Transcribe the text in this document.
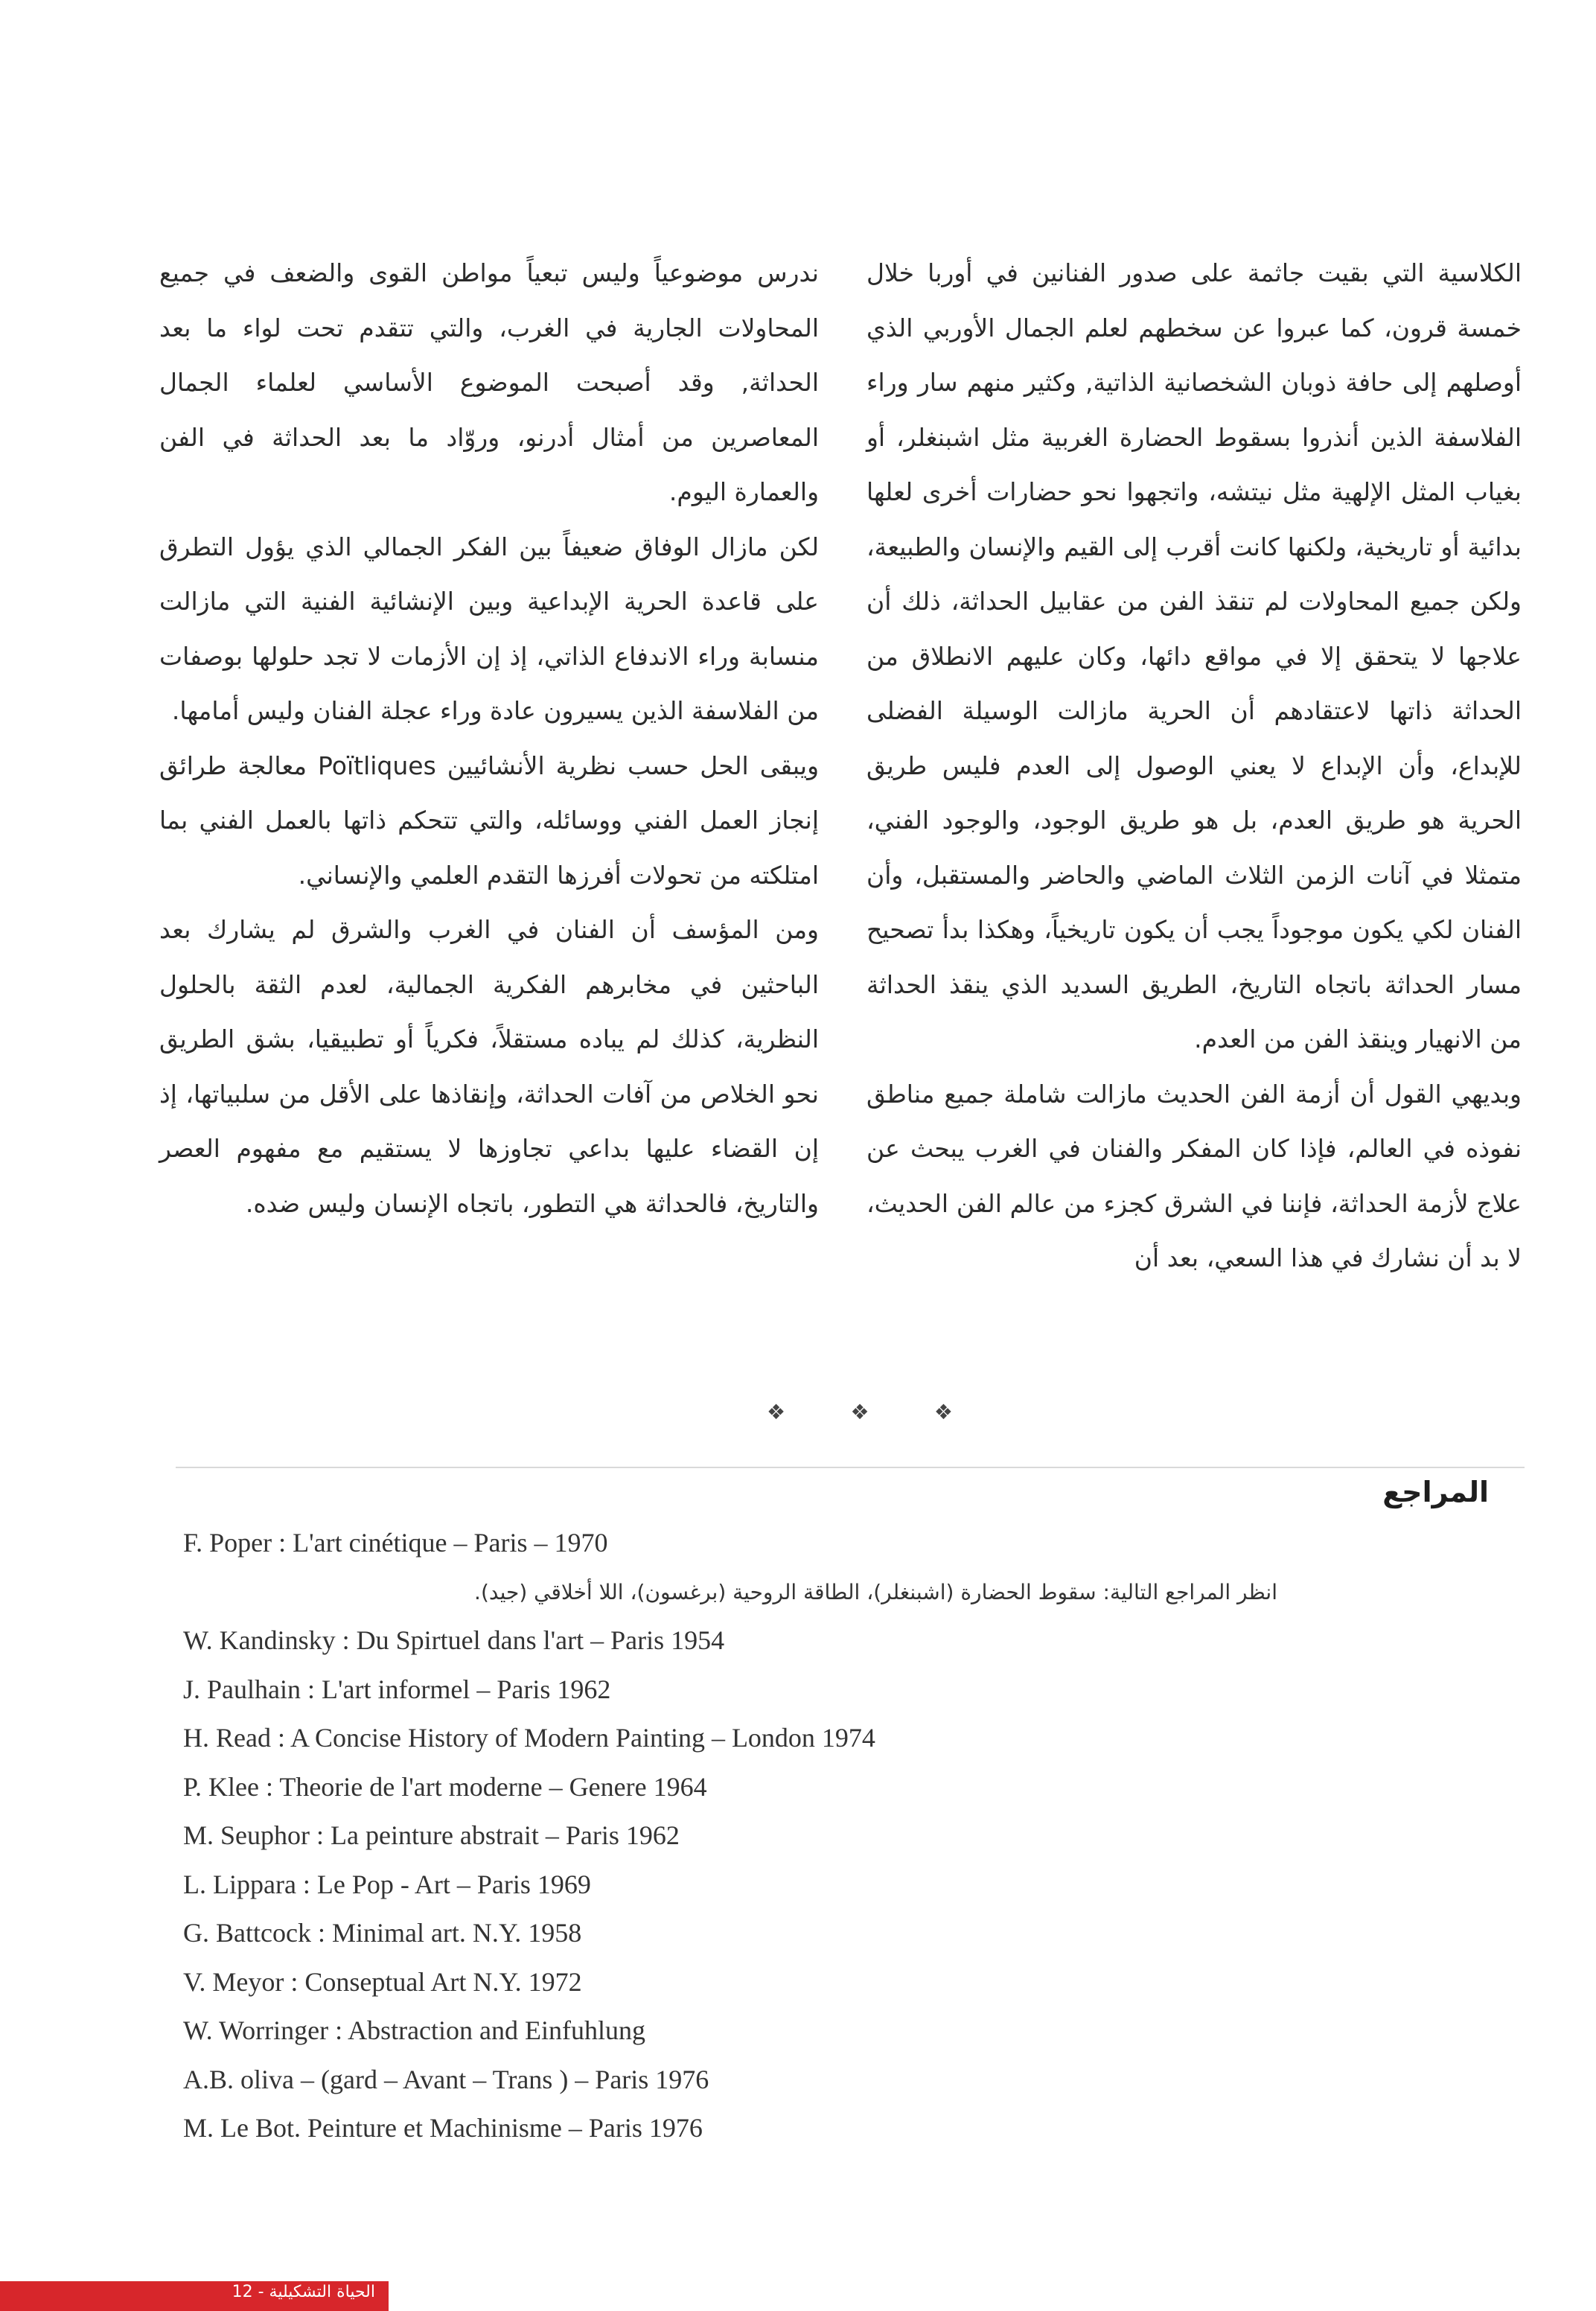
الكلاسية التي بقيت جاثمة على صدور الفنانين في أوربا خلال خمسة قرون، كما عبروا عن سخطهم لعلم الجمال الأوربي الذي أوصلهم إلى حافة ذوبان الشخصانية الذاتية, وكثير منهم سار وراء الفلاسفة الذين أنذروا بسقوط الحضارة الغربية مثل اشبنغلر، أو بغياب المثل الإلهية مثل نيتشه، واتجهوا نحو حضارات أخرى لعلها بدائية أو تاريخية، ولكنها كانت أقرب إلى القيم والإنسان والطبيعة، ولكن جميع المحاولات لم تنقذ الفن من عقابيل الحداثة، ذلك أن علاجها لا يتحقق إلا في مواقع دائها، وكان عليهم الانطلاق من الحداثة ذاتها لاعتقادهم أن الحرية مازالت الوسيلة الفضلى للإبداع، وأن الإبداع لا يعني الوصول إلى العدم فليس طريق الحرية هو طريق العدم، بل هو طريق الوجود، والوجود الفني، متمثلا في آنات الزمن الثلاث الماضي والحاضر والمستقبل، وأن الفنان لكي يكون موجوداً يجب أن يكون تاريخياً، وهكذا بدأ تصحيح مسار الحداثة باتجاه التاريخ، الطريق السديد الذي ينقذ الحداثة من الانهيار وينقذ الفن من العدم.

وبديهي القول أن أزمة الفن الحديث مازالت شاملة جميع مناطق نفوذه في العالم، فإذا كان المفكر والفنان في الغرب يبحث عن علاج لأزمة الحداثة، فإننا في الشرق كجزء من عالم الفن الحديث، لا بد أن نشارك في هذا السعي، بعد أن

ندرس موضوعياً وليس تبعياً مواطن القوى والضعف في جميع المحاولات الجارية في الغرب، والتي تتقدم تحت لواء ما بعد الحداثة, وقد أصبحت الموضوع الأساسي لعلماء الجمال المعاصرين من أمثال أدرنو، وروّاد ما بعد الحداثة في الفن والعمارة اليوم.

لكن مازال الوفاق ضعيفاً بين الفكر الجمالي الذي يؤول التطرق على قاعدة الحرية الإبداعية وبين الإنشائية الفنية التي مازالت منسابة وراء الاندفاع الذاتي، إذ إن الأزمات لا تجد حلولها بوصفات من الفلاسفة الذين يسيرون عادة وراء عجلة الفنان وليس أمامها.

ويبقى الحل حسب نظرية الأنشائيين Poïtliques معالجة طرائق إنجاز العمل الفني ووسائله، والتي تتحكم ذاتها بالعمل الفني بما امتلكته من تحولات أفرزها التقدم العلمي والإنساني.

ومن المؤسف أن الفنان في الغرب والشرق لم يشارك بعد الباحثين في مخابرهم الفكرية الجمالية، لعدم الثقة بالحلول النظرية، كذلك لم يباده مستقلاً، فكرياً أو تطبيقيا، بشق الطريق نحو الخلاص من آفات الحداثة، وإنقاذها على الأقل من سلبياتها، إذ إن القضاء عليها بداعي تجاوزها لا يستقيم مع مفهوم العصر والتاريخ، فالحداثة هي التطور، باتجاه الإنسان وليس ضده.

❖	❖	❖
المراجع
F. Poper : L'art cinétique – Paris – 1970
انظر المراجع التالية: سقوط الحضارة (اشبنغلر)، الطاقة الروحية (برغسون)، اللا أخلاقي (جيد).
W. Kandinsky : Du Spirtuel dans l'art – Paris 1954
J. Paulhain : L'art informel – Paris 1962
H. Read : A Concise History of Modern Painting – London 1974
P. Klee : Theorie de l'art moderne – Genere 1964
M. Seuphor : La peinture abstrait – Paris 1962
L. Lippara : Le Pop - Art – Paris 1969
G. Battcock : Minimal art. N.Y. 1958
V. Meyor : Conseptual Art N.Y. 1972
W. Worringer : Abstraction and Einfuhlung
A.B. oliva – (gard – Avant – Trans ) – Paris 1976
M. Le Bot. Peinture et Machinisme – Paris 1976
الحياة التشكيلية - 12
